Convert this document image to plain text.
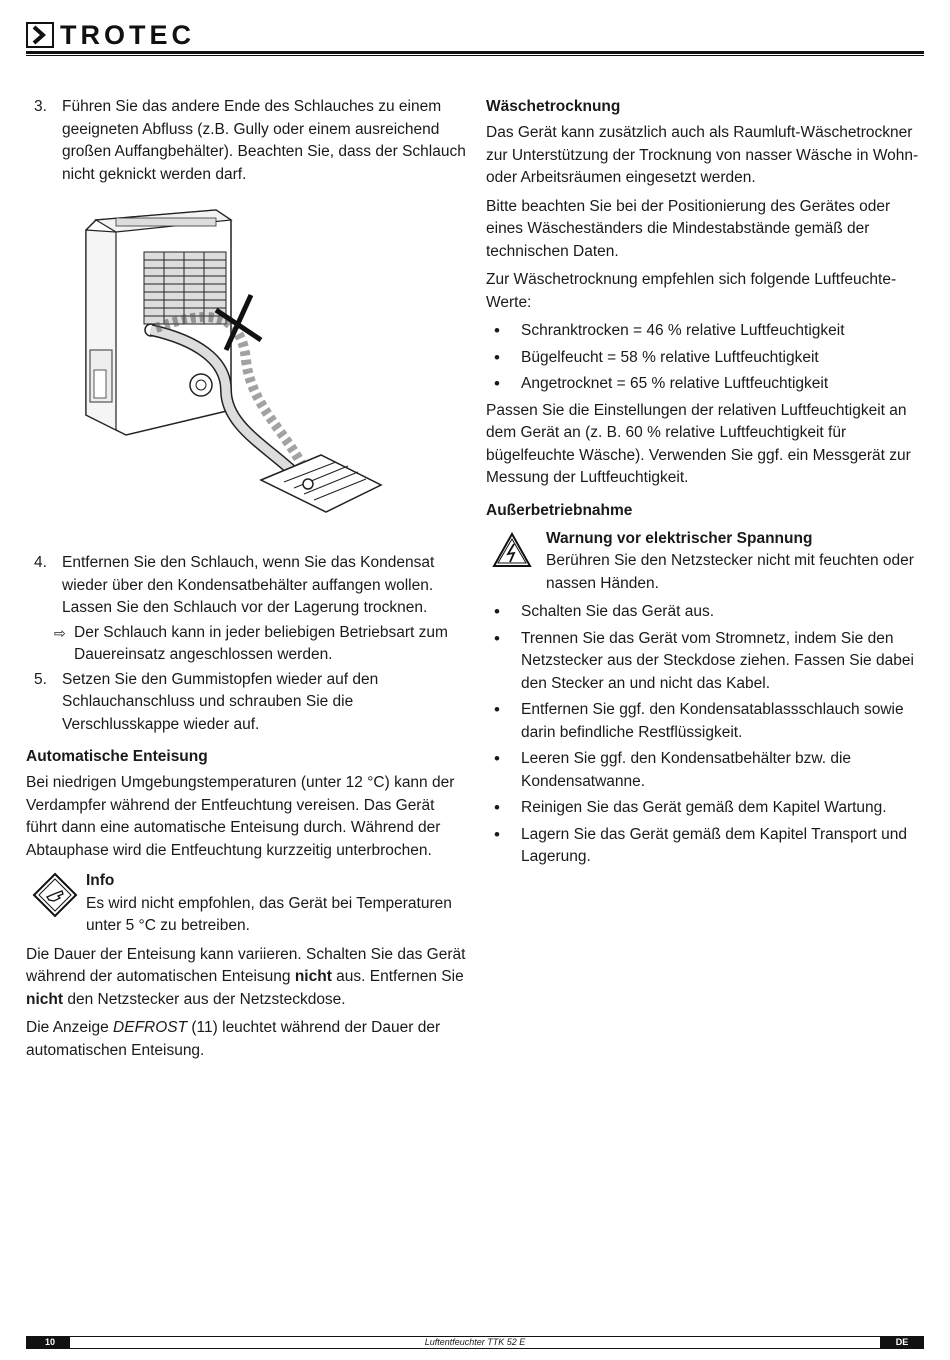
TROTEC
3. Führen Sie das andere Ende des Schlauches zu einem geeigneten Abfluss (z.B. Gully oder einem ausreichend großen Auffangbehälter). Beachten Sie, dass der Schlauch nicht geknickt werden darf.
4. Entfernen Sie den Schlauch, wenn Sie das Kondensat wieder über den Kondensatbehälter auffangen wollen. Lassen Sie den Schlauch vor der Lagerung trocknen.
⇨ Der Schlauch kann in jeder beliebigen Betriebsart zum Dauereinsatz angeschlossen werden.
5. Setzen Sie den Gummistopfen wieder auf den Schlauchanschluss und schrauben Sie die Verschlusskappe wieder auf.
Automatische Enteisung

Bei niedrigen Umgebungstemperaturen (unter 12 °C) kann der Verdampfer während der Entfeuchtung vereisen. Das Gerät führt dann eine automatische Enteisung durch. Während der Abtauphase wird die Entfeuchtung kurzzeitig unterbrochen.

Info
Es wird nicht empfohlen, das Gerät bei Temperaturen unter 5 °C zu betreiben.

Die Dauer der Enteisung kann variieren. Schalten Sie das Gerät während der automatischen Enteisung nicht aus. Entfernen Sie nicht den Netzstecker aus der Netzsteckdose.

Die Anzeige DEFROST (11) leuchtet während der Dauer der automatischen Enteisung.

Wäschetrocknung

Das Gerät kann zusätzlich auch als Raumluft-Wäschetrockner zur Unterstützung der Trocknung von nasser Wäsche in Wohn- oder Arbeitsräumen eingesetzt werden.

Bitte beachten Sie bei der Positionierung des Gerätes oder eines Wäscheständers die Mindestabstände gemäß der technischen Daten.

Zur Wäschetrocknung empfehlen sich folgende Luftfeuchte-Werte:

• Schranktrocken = 46 % relative Luftfeuchtigkeit
• Bügelfeucht = 58 % relative Luftfeuchtigkeit
• Angetrocknet = 65 % relative Luftfeuchtigkeit

Passen Sie die Einstellungen der relativen Luftfeuchtigkeit an dem Gerät an (z. B. 60 % relative Luftfeuchtigkeit für bügelfeuchte Wäsche). Verwenden Sie ggf. ein Messgerät zur Messung der Luftfeuchtigkeit.

Außerbetriebnahme
Warnung vor elektrischer Spannung
Berühren Sie den Netzstecker nicht mit feuchten oder nassen Händen.
• Schalten Sie das Gerät aus.
• Trennen Sie das Gerät vom Stromnetz, indem Sie den Netzstecker aus der Steckdose ziehen. Fassen Sie dabei den Stecker an und nicht das Kabel.
• Entfernen Sie ggf. den Kondensatablassschlauch sowie darin befindliche Restflüssigkeit.
• Leeren Sie ggf. den Kondensatbehälter bzw. die Kondensatwanne.
• Reinigen Sie das Gerät gemäß dem Kapitel Wartung.
• Lagern Sie das Gerät gemäß dem Kapitel Transport und Lagerung.
10	Luftentfeuchter TTK 52 E	DE
